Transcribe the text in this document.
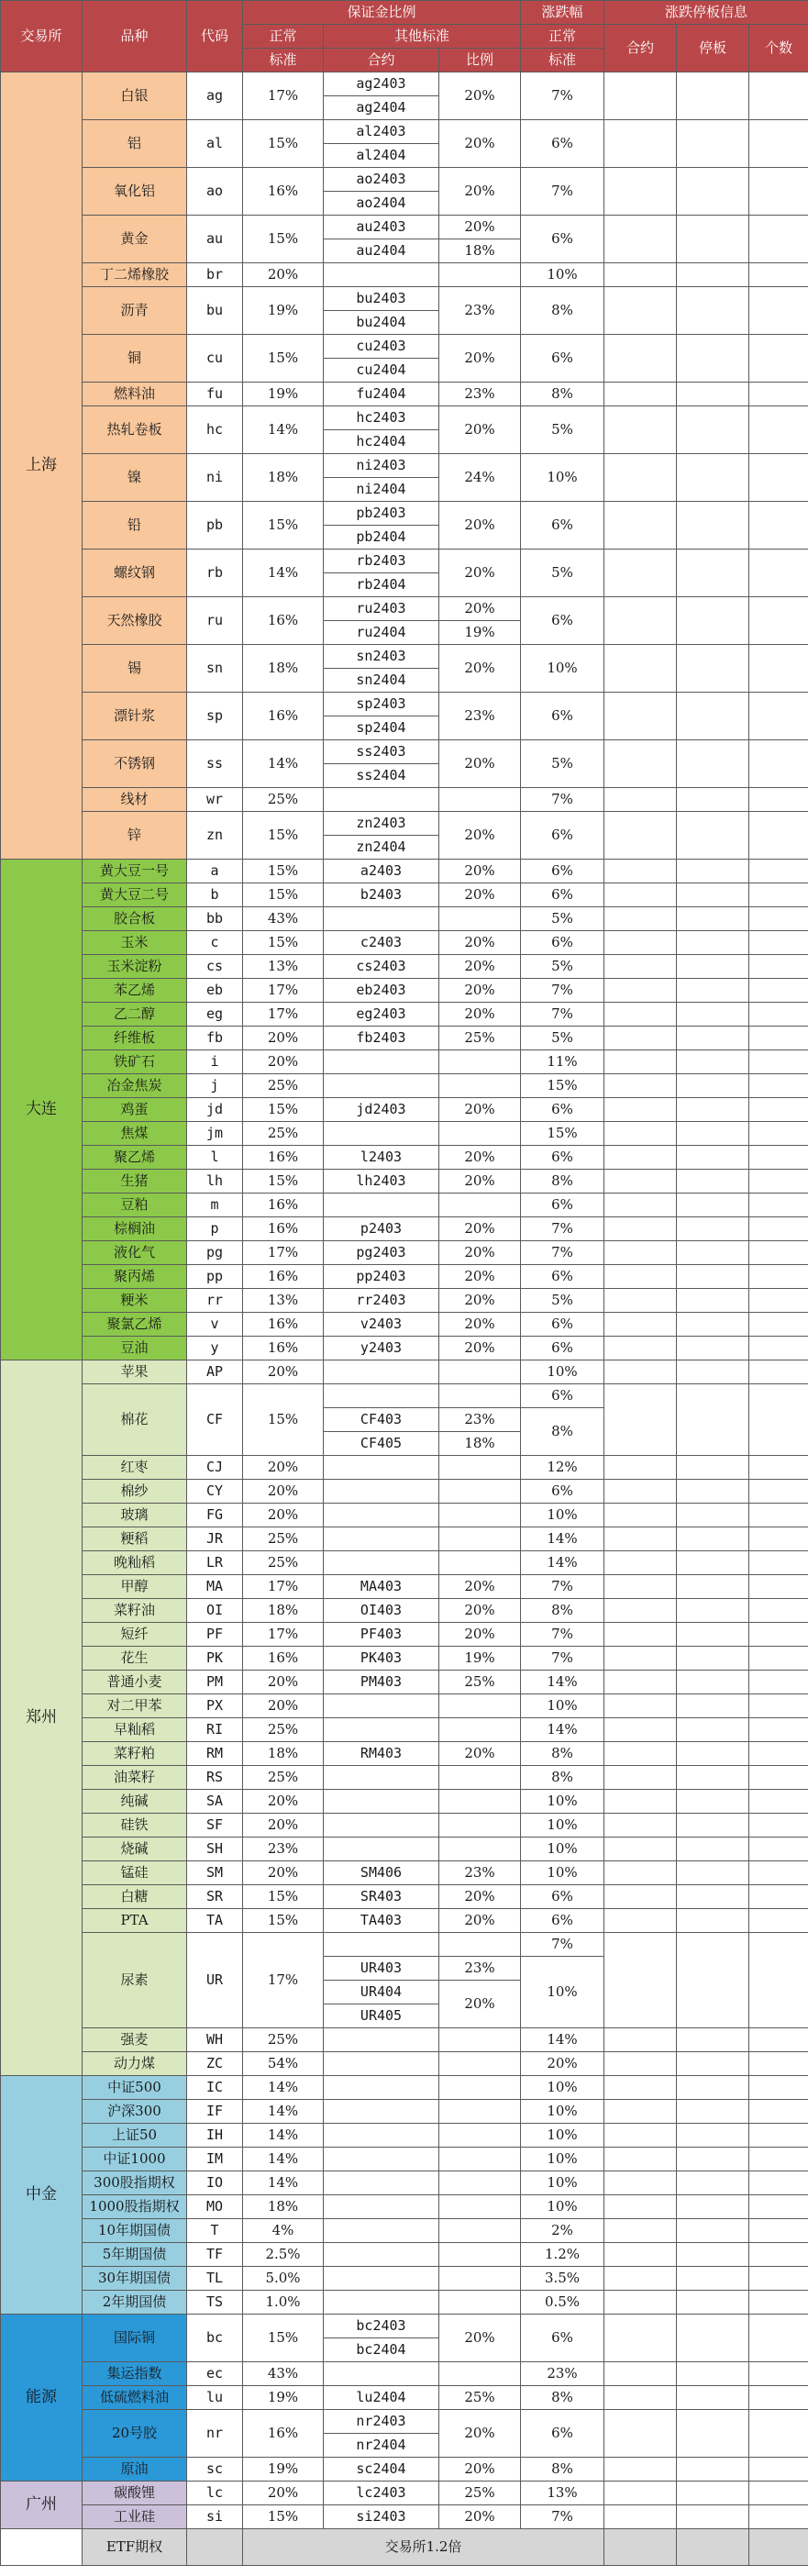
交易所	品种	代码	保证金比例			涨跌幅	涨跌停板信息		
			正常	其他标准		正常	合约	停板	个数
			标准	合约	比例	标准			
上海	白银	ag	17%	ag2403	20%	7%			
				ag2404					
	铝	al	15%	al2403	20%	6%			
				al2404					
	氧化铝	ao	16%	ao2403	20%	7%			
				ao2404					
	黄金	au	15%	au2403	20%	6%			
				au2404	18%				
	丁二烯橡胶	br	20%			10%			
	沥青	bu	19%	bu2403	23%	8%			
				bu2404					
	铜	cu	15%	cu2403	20%	6%			
				cu2404					
	燃料油	fu	19%	fu2404	23%	8%			
	热轧卷板	hc	14%	hc2403	20%	5%			
				hc2404					
	镍	ni	18%	ni2403	24%	10%			
				ni2404					
	铅	pb	15%	pb2403	20%	6%			
				pb2404					
	螺纹钢	rb	14%	rb2403	20%	5%			
				rb2404					
	天然橡胶	ru	16%	ru2403	20%	6%			
				ru2404	19%				
	锡	sn	18%	sn2403	20%	10%			
				sn2404					
	漂针浆	sp	16%	sp2403	23%	6%			
				sp2404					
	不锈钢	ss	14%	ss2403	20%	5%			
				ss2404					
	线材	wr	25%			7%			
	锌	zn	15%	zn2403	20%	6%			
				zn2404					
大连	黄大豆一号	a	15%	a2403	20%	6%			
	黄大豆二号	b	15%	b2403	20%	6%			
	胶合板	bb	43%			5%			
	玉米	c	15%	c2403	20%	6%			
	玉米淀粉	cs	13%	cs2403	20%	5%			
	苯乙烯	eb	17%	eb2403	20%	7%			
	乙二醇	eg	17%	eg2403	20%	7%			
	纤维板	fb	20%	fb2403	25%	5%			
	铁矿石	i	20%			11%			
	冶金焦炭	j	25%			15%			
	鸡蛋	jd	15%	jd2403	20%	6%			
	焦煤	jm	25%			15%			
	聚乙烯	l	16%	l2403	20%	6%			
	生猪	lh	15%	lh2403	20%	8%			
	豆粕	m	16%			6%			
	棕榈油	p	16%	p2403	20%	7%			
	液化气	pg	17%	pg2403	20%	7%			
	聚丙烯	pp	16%	pp2403	20%	6%			
	粳米	rr	13%	rr2403	20%	5%			
	聚氯乙烯	v	16%	v2403	20%	6%			
	豆油	y	16%	y2403	20%	6%			
郑州	苹果	AP	20%			10%			
	棉花	CF	15%			6%			
				CF403	23%	8%			
				CF405	18%				
	红枣	CJ	20%			12%			
	棉纱	CY	20%			6%			
	玻璃	FG	20%			10%			
	粳稻	JR	25%			14%			
	晚籼稻	LR	25%			14%			
	甲醇	MA	17%	MA403	20%	7%			
	菜籽油	OI	18%	OI403	20%	8%			
	短纤	PF	17%	PF403	20%	7%			
	花生	PK	16%	PK403	19%	7%			
	普通小麦	PM	20%	PM403	25%	14%			
	对二甲苯	PX	20%			10%			
	早籼稻	RI	25%			14%			
	菜籽粕	RM	18%	RM403	20%	8%			
	油菜籽	RS	25%			8%			
	纯碱	SA	20%			10%			
	硅铁	SF	20%			10%			
	烧碱	SH	23%			10%			
	锰硅	SM	20%	SM406	23%	10%			
	白糖	SR	15%	SR403	20%	6%			
	PTA	TA	15%	TA403	20%	6%			
	尿素	UR	17%			7%			
				UR403	23%	10%			
				UR404	20%				
				UR405					
	强麦	WH	25%			14%			
	动力煤	ZC	54%			20%			
中金	中证500	IC	14%			10%			
	沪深300	IF	14%			10%			
	上证50	IH	14%			10%			
	中证1000	IM	14%			10%			
	300股指期权	IO	14%			10%			
	1000股指期权	MO	18%			10%			
	10年期国债	T	4%			2%			
	5年期国债	TF	2.5%			1.2%			
	30年期国债	TL	5.0%			3.5%			
	2年期国债	TS	1.0%			0.5%			
能源	国际铜	bc	15%	bc2403	20%	6%			
				bc2404					
	集运指数	ec	43%			23%			
	低硫燃料油	lu	19%	lu2404	25%	8%			
	20号胶	nr	16%	nr2403	20%	6%			
				nr2404					
	原油	sc	19%	sc2404	20%	8%			
广州	碳酸锂	lc	20%	lc2403	25%	13%			
	工业硅	si	15%	si2403	20%	7%			
	ETF期权		交易所1.2倍						
